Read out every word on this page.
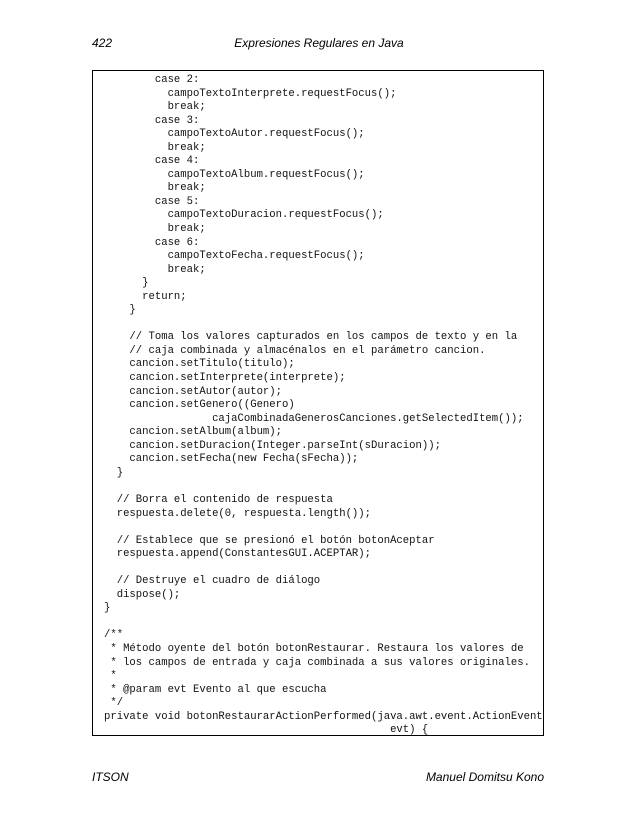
422	Expresiones Regulares en Java
case 2:
campoTextoInterprete.requestFocus();
break;
case 3:
campoTextoAutor.requestFocus();
break;
case 4:
campoTextoAlbum.requestFocus();
break;
case 5:
campoTextoDuracion.requestFocus();
break;
case 6:
campoTextoFecha.requestFocus();
break;
}
return;
}
// Toma los valores capturados en los campos de texto y en la
// caja combinada y almacénalos en el parámetro cancion.
cancion.setTitulo(titulo);
cancion.setInterprete(interprete);
cancion.setAutor(autor);
cancion.setGenero((Genero)
cajaCombinadaGenerosCanciones.getSelectedItem());
cancion.setAlbum(album);
cancion.setDuracion(Integer.parseInt(sDuracion));
cancion.setFecha(new Fecha(sFecha));
}
// Borra el contenido de respuesta
respuesta.delete(0, respuesta.length());
// Establece que se presionó el botón botonAceptar
respuesta.append(ConstantesGUI.ACEPTAR);
// Destruye el cuadro de diálogo
dispose();
}
/**
* Método oyente del botón botonRestaurar. Restaura los valores de
* los campos de entrada y caja combinada a sus valores originales.
*
* @param evt Evento al que escucha
*/
private void botonRestaurarActionPerformed(java.awt.event.ActionEvent
evt) {
ITSON	Manuel Domitsu Kono
